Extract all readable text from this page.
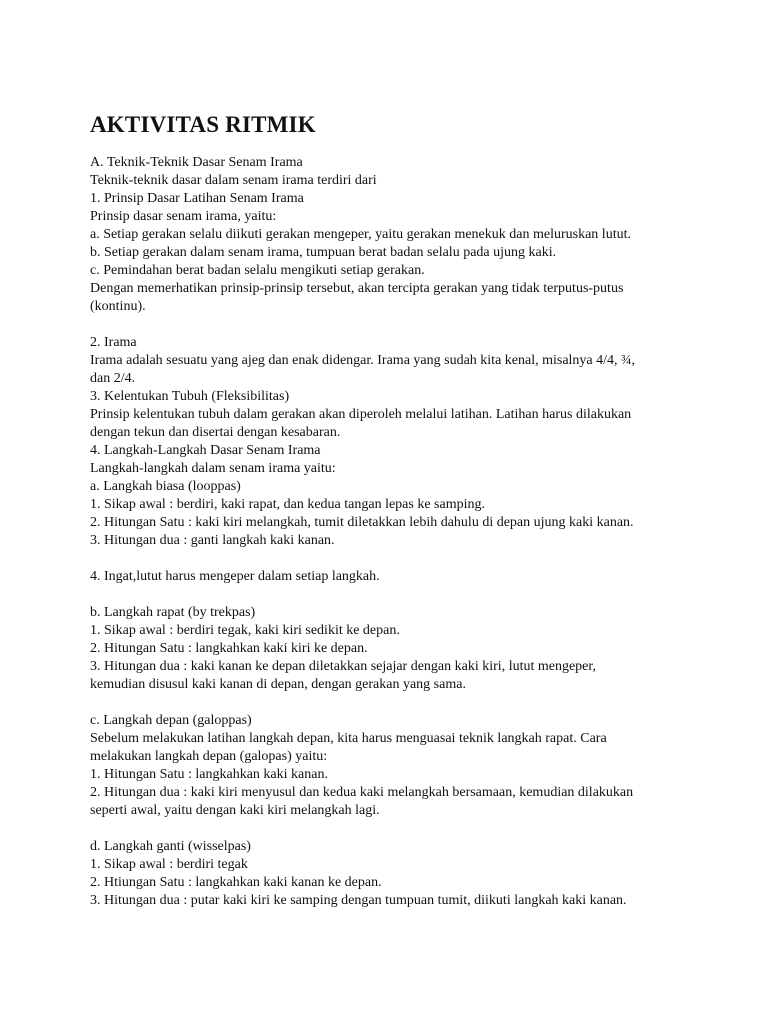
AKTIVITAS RITMIK
A. Teknik-Teknik Dasar Senam Irama
Teknik-teknik dasar dalam senam irama terdiri dari
1. Prinsip Dasar Latihan Senam Irama
Prinsip dasar senam irama, yaitu:
a. Setiap gerakan selalu diikuti gerakan mengeper, yaitu gerakan menekuk dan meluruskan lutut.
b. Setiap gerakan dalam senam irama, tumpuan berat badan selalu pada ujung kaki.
c. Pemindahan berat badan selalu mengikuti setiap gerakan.
Dengan memerhatikan prinsip-prinsip tersebut, akan tercipta gerakan yang tidak terputus-putus
(kontinu).
2. Irama
Irama adalah sesuatu yang ajeg dan enak didengar. Irama yang sudah kita kenal, misalnya 4/4, ¾,
dan 2/4.
3. Kelentukan Tubuh (Fleksibilitas)
Prinsip kelentukan tubuh dalam gerakan akan diperoleh melalui latihan. Latihan harus dilakukan
dengan tekun dan disertai dengan kesabaran.
4. Langkah-Langkah Dasar Senam Irama
Langkah-langkah dalam senam irama yaitu:
a. Langkah biasa (looppas)
1. Sikap awal : berdiri, kaki rapat, dan kedua tangan lepas ke samping.
2. Hitungan Satu : kaki kiri melangkah, tumit diletakkan lebih dahulu di depan ujung kaki kanan.
3. Hitungan dua : ganti langkah kaki kanan.
4. Ingat,lutut harus mengeper dalam setiap langkah.
b. Langkah rapat (by trekpas)
1. Sikap awal : berdiri tegak, kaki kiri sedikit ke depan.
2. Hitungan Satu : langkahkan kaki kiri ke depan.
3. Hitungan dua : kaki kanan ke depan diletakkan sejajar dengan kaki kiri, lutut mengeper,
kemudian disusul kaki kanan di depan, dengan gerakan yang sama.
c. Langkah depan (galoppas)
Sebelum melakukan latihan langkah depan, kita harus menguasai teknik langkah rapat. Cara
melakukan langkah depan (galopas) yaitu:
1. Hitungan Satu : langkahkan kaki kanan.
2. Hitungan dua : kaki kiri menyusul dan kedua kaki melangkah bersamaan, kemudian dilakukan
seperti awal, yaitu dengan kaki kiri melangkah lagi.
d. Langkah ganti (wisselpas)
1. Sikap awal : berdiri tegak
2. Htiungan Satu : langkahkan kaki kanan ke depan.
3. Hitungan dua : putar kaki kiri ke samping dengan tumpuan tumit, diikuti langkah kaki kanan.
